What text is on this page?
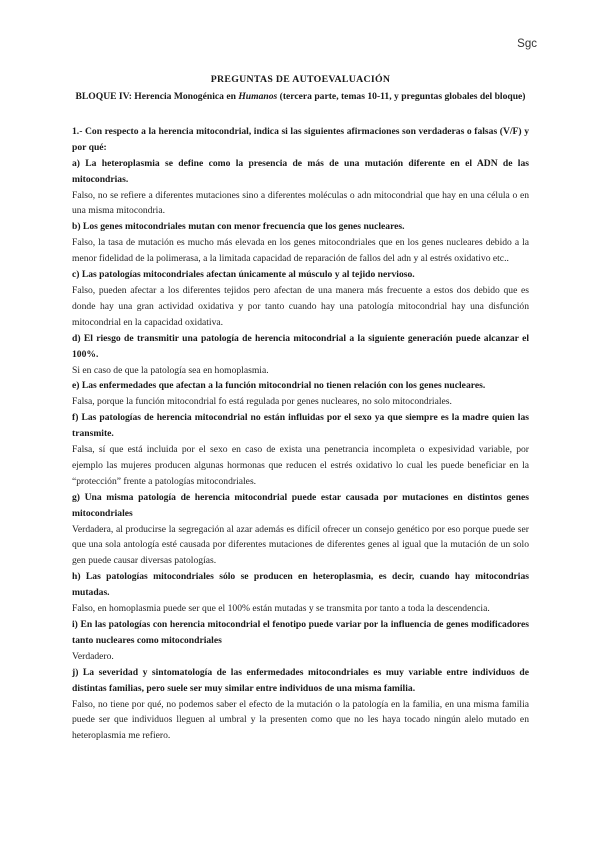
Sgc

PREGUNTAS DE AUTOEVALUACIÓN

BLOQUE IV: Herencia Monogénica en Humanos (tercera parte, temas 10-11, y preguntas globales del bloque)

1.- Con respecto a la herencia mitocondrial, indica si las siguientes afirmaciones son verdaderas o falsas (V/F) y por qué:

a) La heteroplasmia se define como la presencia de más de una mutación diferente en el ADN de las mitocondrias.

Falso, no se refiere a diferentes mutaciones sino a diferentes moléculas o adn mitocondrial que hay en una célula o en una misma mitocondria.

b) Los genes mitocondriales mutan con menor frecuencia que los genes nucleares.

Falso, la tasa de mutación es mucho más elevada en los genes mitocondriales que en los genes nucleares debido a la menor fidelidad de la polimerasa, a la limitada capacidad de reparación de fallos del adn y al estrés oxidativo etc..

c) Las patologías mitocondriales afectan únicamente al músculo y al tejido nervioso.

Falso, pueden afectar a los diferentes tejidos pero afectan de una manera más frecuente a estos dos debido que es donde hay una gran actividad oxidativa y por tanto cuando hay una patología mitocondrial hay una disfunción mitocondrial en la capacidad oxidativa.

d) El riesgo de transmitir una patología de herencia mitocondrial a la siguiente generación puede alcanzar el 100%.

Si en caso de que la patología sea en homoplasmia.

e) Las enfermedades que afectan a la función mitocondrial no tienen relación con los genes nucleares.

Falsa, porque la función mitocondrial fo está regulada por genes nucleares, no solo mitocondriales.

f) Las patologías de herencia mitocondrial no están influidas por el sexo ya que siempre es la madre quien las transmite.

Falsa, sí que está incluida por el sexo en caso de exista una penetrancia incompleta o expesividad variable, por ejemplo las mujeres producen algunas hormonas que reducen el estrés oxidativo lo cual les puede beneficiar en la “protección” frente a patologías mitocondriales.

g) Una misma patología de herencia mitocondrial puede estar causada por mutaciones en distintos genes mitocondriales

Verdadera, al producirse la segregación al azar además es difícil ofrecer un consejo genético por eso porque puede ser que una sola antología esté causada por diferentes mutaciones de diferentes genes al igual que la mutación de un solo gen puede causar diversas patologías.

h) Las patologías mitocondriales sólo se producen en heteroplasmia, es decir, cuando hay mitocondrias mutadas.

Falso, en homoplasmia puede ser que el 100% están mutadas y se transmita por tanto a toda la descendencia.

i) En las patologías con herencia mitocondrial el fenotipo puede variar por la influencia de genes modificadores tanto nucleares como mitocondriales

Verdadero.

j) La severidad y sintomatología de las enfermedades mitocondriales es muy variable entre individuos de distintas familias, pero suele ser muy similar entre individuos de una misma familia.

Falso, no tiene por qué, no podemos saber el efecto de la mutación o la patología en la familia, en una misma familia puede ser que individuos lleguen al umbral y la presenten como que no les haya tocado ningún alelo mutado en heteroplasmia me refiero.
